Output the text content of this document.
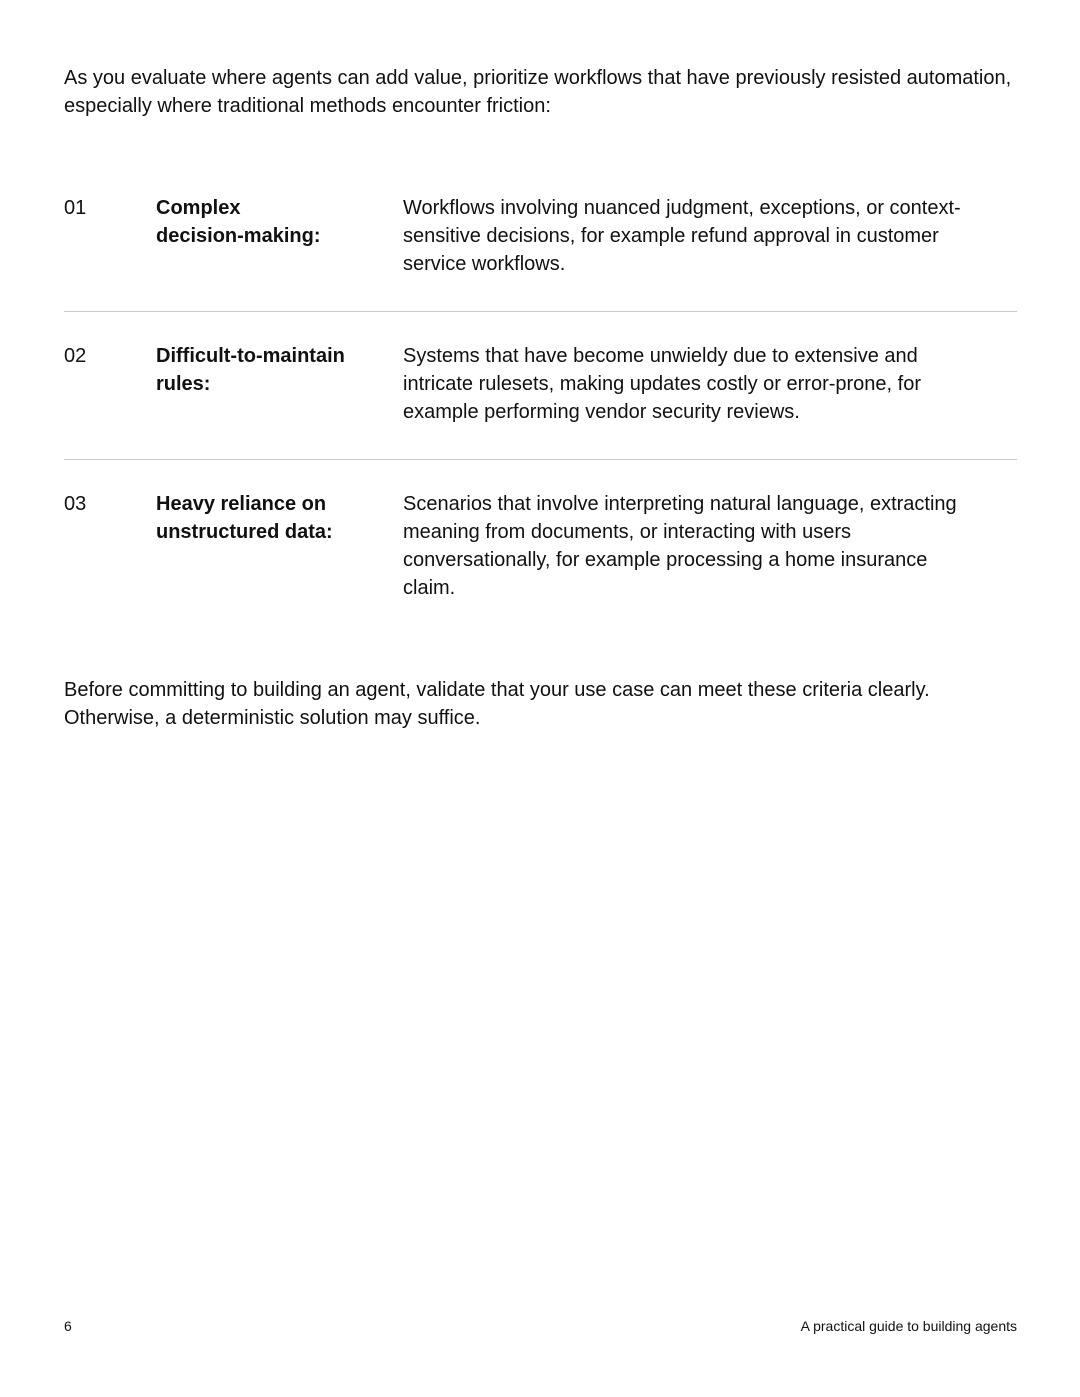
As you evaluate where agents can add value, prioritize workflows that have previously resisted automation, especially where traditional methods encounter friction:

01	Complex decision-making:
Workflows involving nuanced judgment, exceptions, or context-sensitive decisions, for example refund approval in customer service workflows.
02	Difficult-to-maintain rules:
Systems that have become unwieldy due to extensive and intricate rulesets, making updates costly or error-prone, for example performing vendor security reviews.
03	Heavy reliance on unstructured data:
Scenarios that involve interpreting natural language, extracting meaning from documents, or interacting with users conversationally, for example processing a home insurance claim.

Before committing to building an agent, validate that your use case can meet these criteria clearly. Otherwise, a deterministic solution may suffice.

6	A practical guide to building agents
